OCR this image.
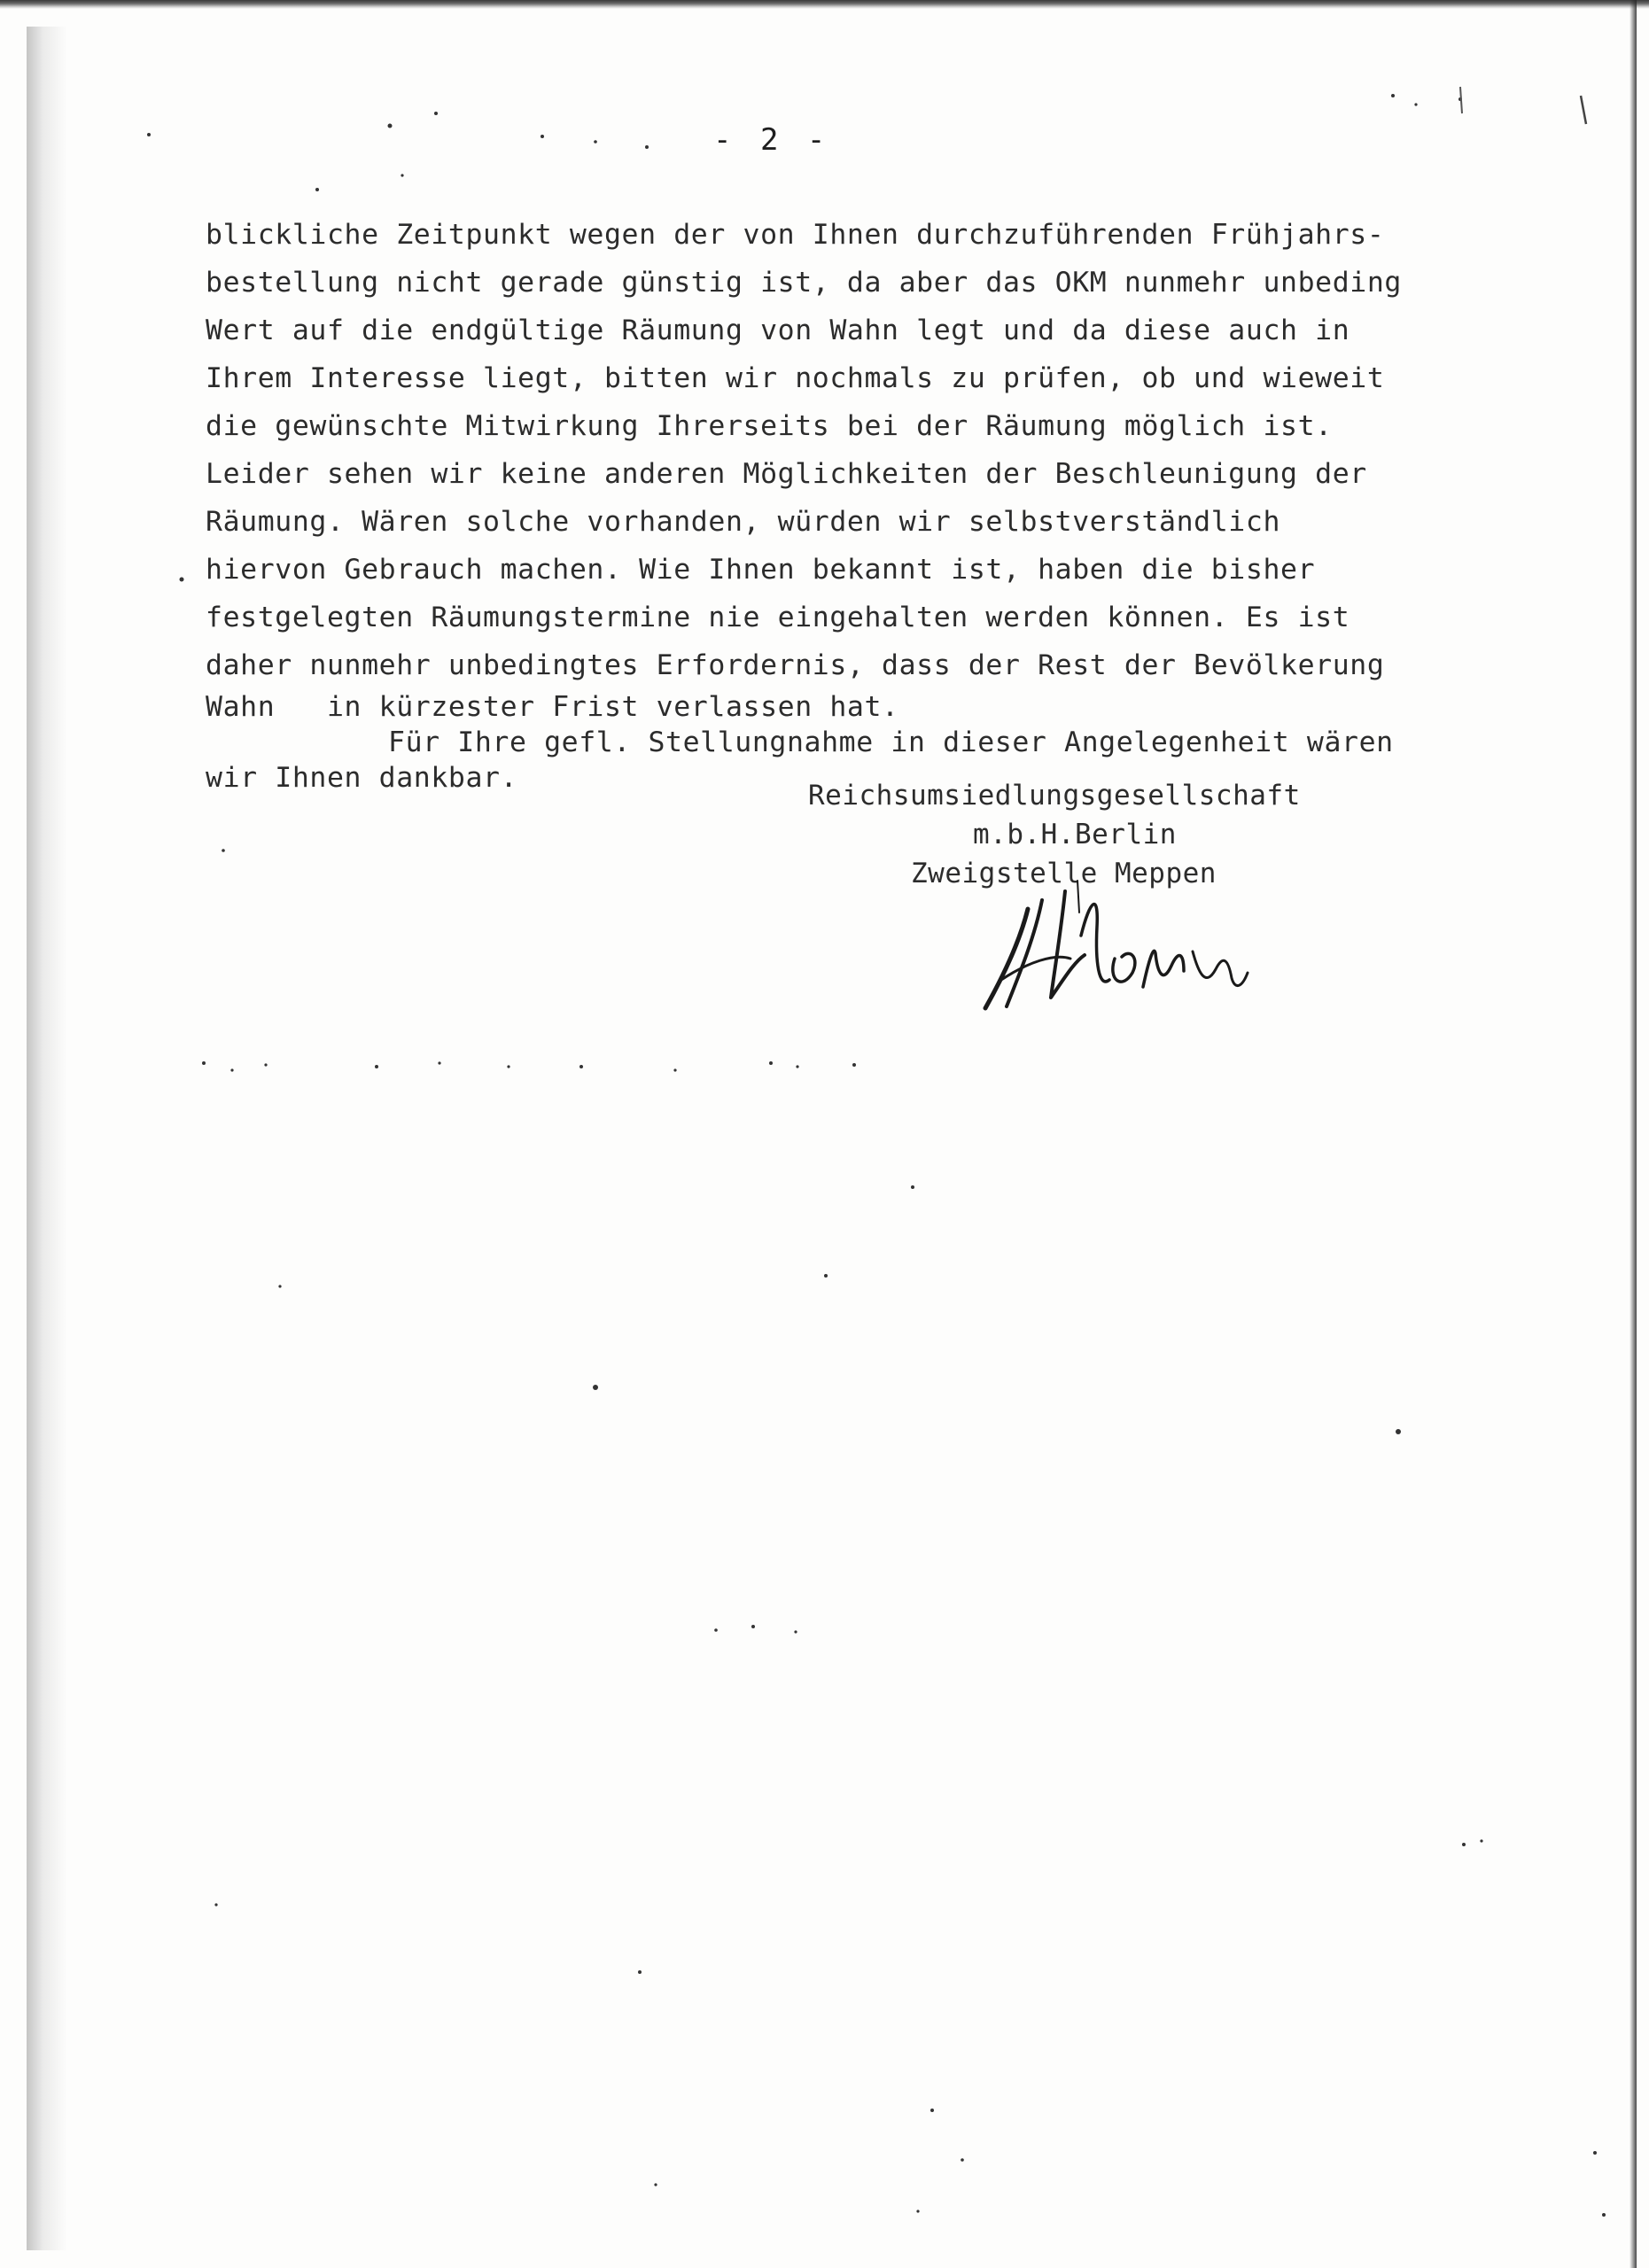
- 2 -
blickliche Zeitpunkt wegen der von Ihnen durchzuführenden Frühjahrs-
bestellung nicht gerade günstig ist, da aber das OKM nunmehr unbeding
Wert auf die endgültige Räumung von Wahn legt und da diese auch in
Ihrem Interesse liegt, bitten wir nochmals zu prüfen, ob und wieweit
die gewünschte Mitwirkung Ihrerseits bei der Räumung möglich ist.
Leider sehen wir keine anderen Möglichkeiten der Beschleunigung der
Räumung. Wären solche vorhanden, würden wir selbstverständlich
hiervon Gebrauch machen. Wie Ihnen bekannt ist, haben die bisher
festgelegten Räumungstermine nie eingehalten werden können. Es ist
daher nunmehr unbedingtes Erfordernis, dass der Rest der Bevölkerung
Wahn   in kürzester Frist verlassen hat.
Für Ihre gefl. Stellungnahme in dieser Angelegenheit wären
wir Ihnen dankbar.
Reichsumsiedlungsgesellschaft
m.b.H.Berlin
Zweigstelle Meppen
